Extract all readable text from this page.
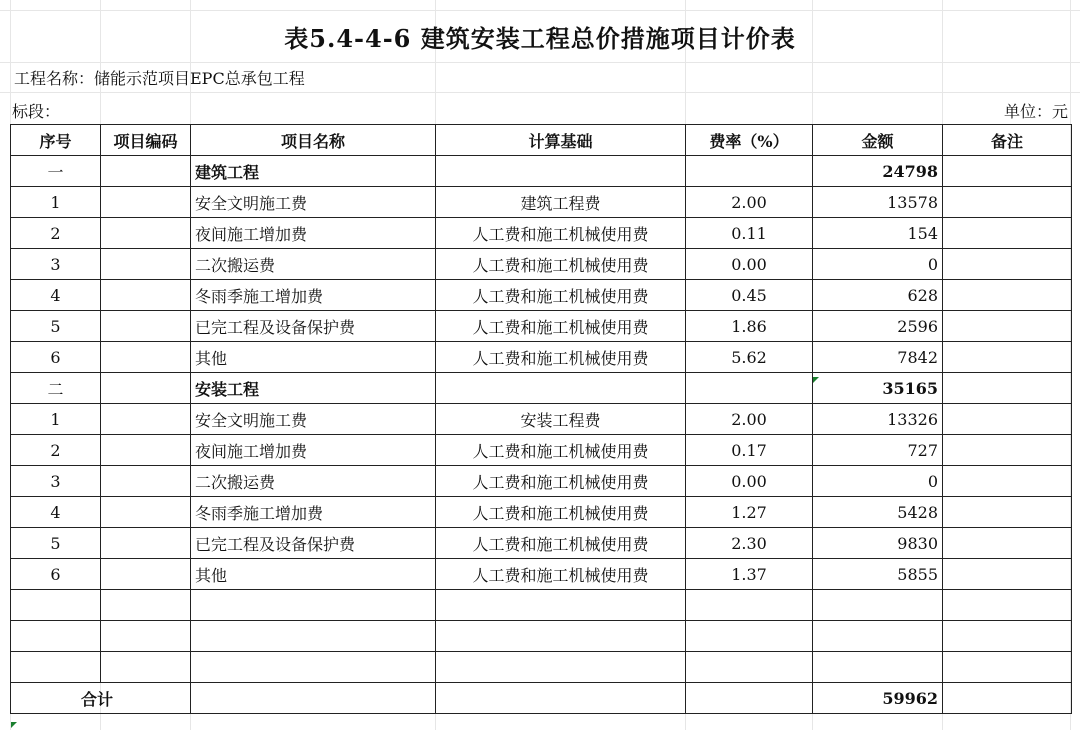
表5.4-4-6 建筑安装工程总价措施项目计价表
工程名称：储能示范项目EPC总承包工程
标段：	单位：元
序号	项目编码	项目名称	计算基础	费率（%）	金额	备注
一		建筑工程			24798	
1		安全文明施工费	建筑工程费	2.00	13578	
2		夜间施工增加费	人工费和施工机械使用费	0.11	154	
3		二次搬运费	人工费和施工机械使用费	0.00	0	
4		冬雨季施工增加费	人工费和施工机械使用费	0.45	628	
5		已完工程及设备保护费	人工费和施工机械使用费	1.86	2596	
6		其他	人工费和施工机械使用费	5.62	7842	
二		安装工程			35165	
1		安全文明施工费	安装工程费	2.00	13326	
2		夜间施工增加费	人工费和施工机械使用费	0.17	727	
3		二次搬运费	人工费和施工机械使用费	0.00	0	
4		冬雨季施工增加费	人工费和施工机械使用费	1.27	5428	
5		已完工程及设备保护费	人工费和施工机械使用费	2.30	9830	
6		其他	人工费和施工机械使用费	1.37	5855	

合计					59962	
